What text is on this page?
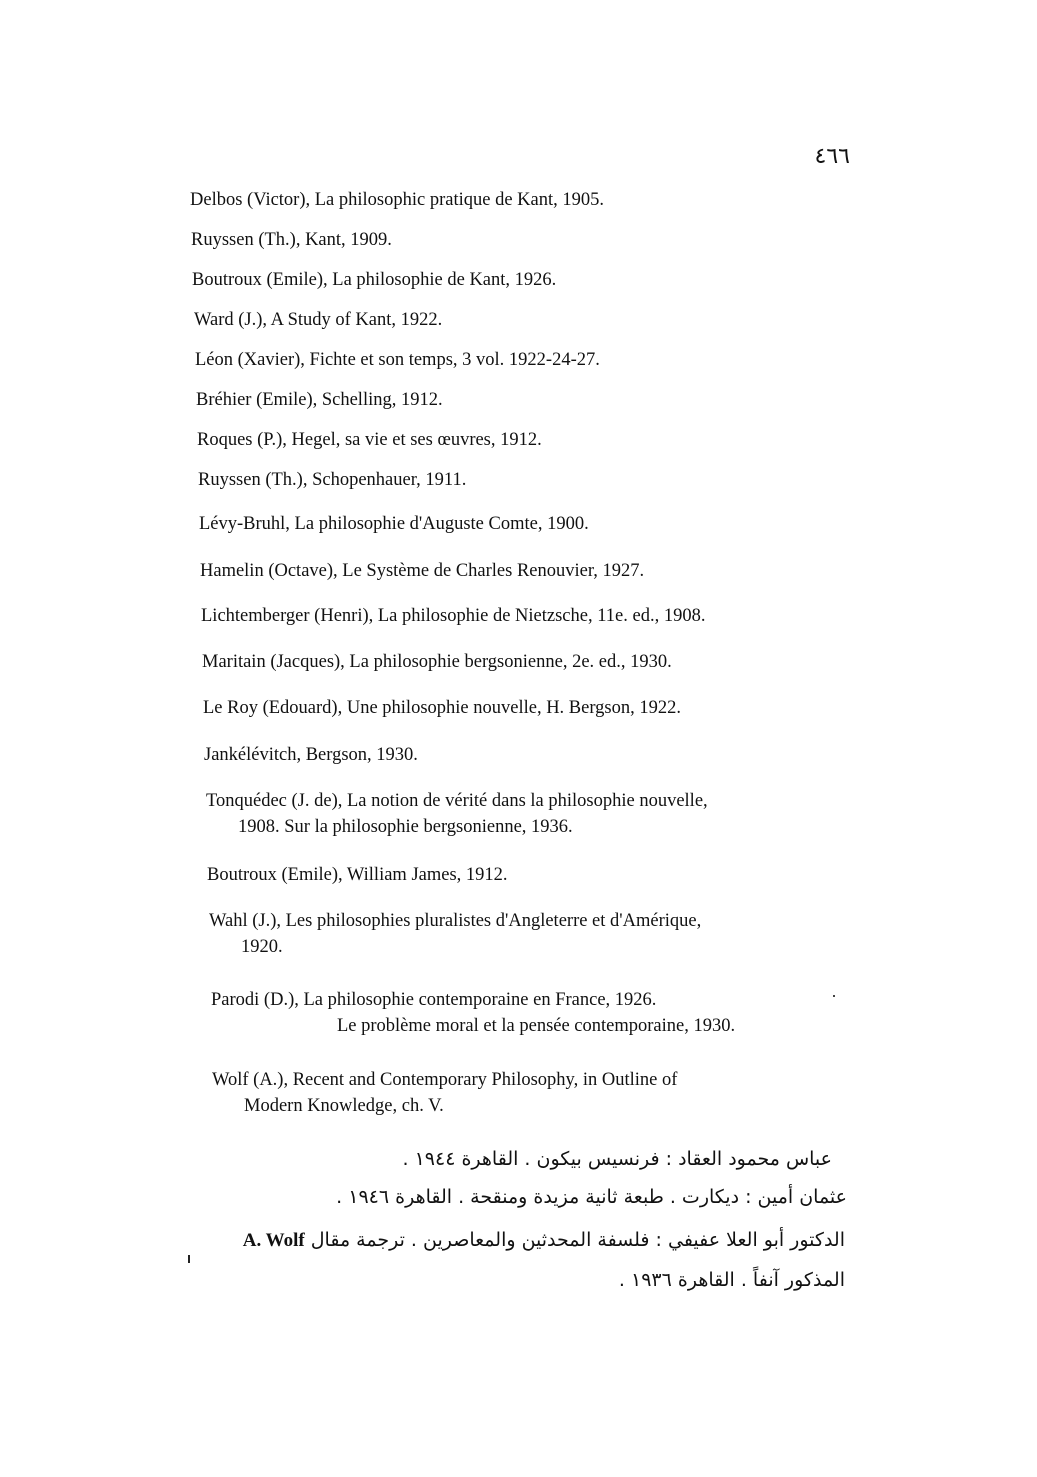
٤٦٦
Delbos (Victor), La philosophic pratique de Kant, 1905.
Ruyssen (Th.), Kant, 1909.
Boutroux (Emile), La philosophie de Kant, 1926.
Ward (J.), A Study of Kant, 1922.
Léon (Xavier), Fichte et son temps, 3 vol. 1922-24-27.
Bréhier (Emile), Schelling, 1912.
Roques (P.), Hegel, sa vie et ses œuvres, 1912.
Ruyssen (Th.), Schopenhauer, 1911.
Lévy-Bruhl, La philosophie d'Auguste Comte, 1900.
Hamelin (Octave), Le Système de Charles Renouvier, 1927.
Lichtemberger (Henri), La philosophie de Nietzsche, 11e. ed., 1908.
Maritain (Jacques), La philosophie bergsonienne, 2e. ed., 1930.
Le Roy (Edouard), Une philosophie nouvelle, H. Bergson, 1922.
Jankélévitch, Bergson, 1930.
Tonquédec (J. de), La notion de vérité dans la philosophie nouvelle,
1908. Sur la philosophie bergsonienne, 1936.
Boutroux (Emile), William James, 1912.
Wahl (J.), Les philosophies pluralistes d'Angleterre et d'Amérique,
1920.
Parodi (D.), La philosophie contemporaine en France, 1926.
Le problème moral et la pensée contemporaine, 1930.
Wolf (A.), Recent and Contemporary Philosophy, in Outline of
Modern Knowledge, ch. V.
عباس محمود العقاد : فرنسيس بيكون . القاهرة ١٩٤٤ .
عثمان أمين : ديكارت . طبعة ثانية مزيدة ومنقحة . القاهرة ١٩٤٦ .
الدكتور أبو العلا عفيفي : فلسفة المحدثين والمعاصرين . ترجمة مقال A. Wolf
المذكور آنفاً . القاهرة ١٩٣٦ .
